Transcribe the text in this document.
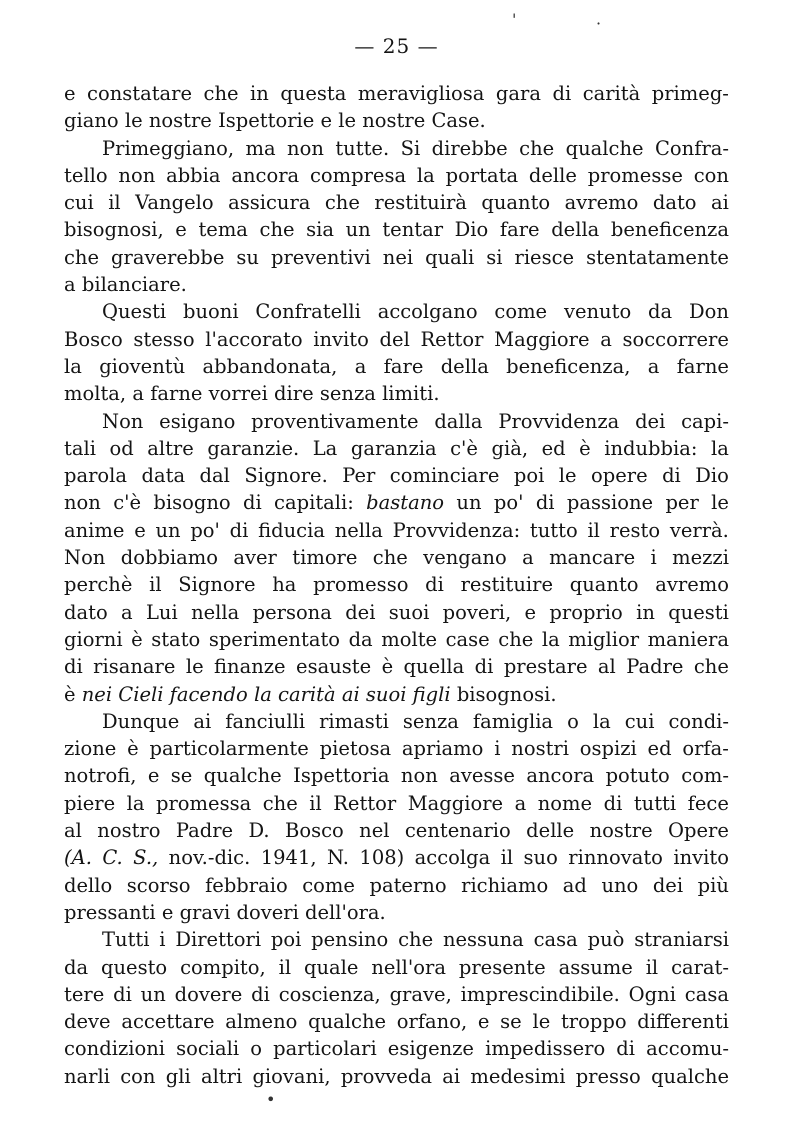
— 25 —
e constatare che in questa meravigliosa gara di carità primeg-
giano
le
nostre
Ispettorie
e
le
nostre
Case.
Primeggiano, ma non tutte. Si direbbe che qualche Confra-
tello non abbia ancora compresa la portata delle promesse con
cui il Vangelo assicura che restituirà quanto avremo dato ai
bisognosi, e tema che sia un tentar Dio fare della beneficenza
che graverebbe su preventivi nei quali si riesce stentatamente
a
bilanciare.
Questi buoni Confratelli accolgano come venuto da Don
Bosco stesso l'accorato invito del Rettor Maggiore a soccorrere
la gioventù abbandonata, a fare della beneficenza, a farne
molta,
a
farne
vorrei
dire
senza
limiti.
Non esigano proventivamente dalla Provvidenza dei capi-
tali od altre garanzie. La garanzia c'è già, ed è indubbia: la
parola data dal Signore. Per cominciare poi le opere di Dio
non c'è bisogno di capitali: bastano un po' di passione per le
anime e un po' di fiducia nella Provvidenza: tutto il resto verrà.
Non dobbiamo aver timore che vengano a mancare i mezzi
perchè il Signore ha promesso di restituire quanto avremo
dato a Lui nella persona dei suoi poveri, e proprio in questi
giorni è stato sperimentato da molte case che la miglior maniera
di risanare le finanze esauste è quella di prestare al Padre che
è
nei
Cieli
facendo
la
carità
ai
suoi
figli
bisognosi.
Dunque ai fanciulli rimasti senza famiglia o la cui condi-
zione è particolarmente pietosa apriamo i nostri ospizi ed orfa-
notrofi, e se qualche Ispettoria non avesse ancora potuto com-
piere la promessa che il Rettor Maggiore a nome di tutti fece
al nostro Padre D. Bosco nel centenario delle nostre Opere
(A. C. S., nov.-dic. 1941, N. 108) accolga il suo rinnovato invito
dello scorso febbraio come paterno richiamo ad uno dei più
pressanti
e
gravi
doveri
dell'ora.
Tutti i Direttori poi pensino che nessuna casa può straniarsi
da questo compito, il quale nell'ora presente assume il carat-
tere di un dovere di coscienza, grave, imprescindibile. Ogni casa
deve accettare almeno qualche orfano, e se le troppo differenti
condizioni sociali o particolari esigenze impedissero di accomu-
narli con gli altri giovani, provveda ai medesimi presso qualche
'	·
•
